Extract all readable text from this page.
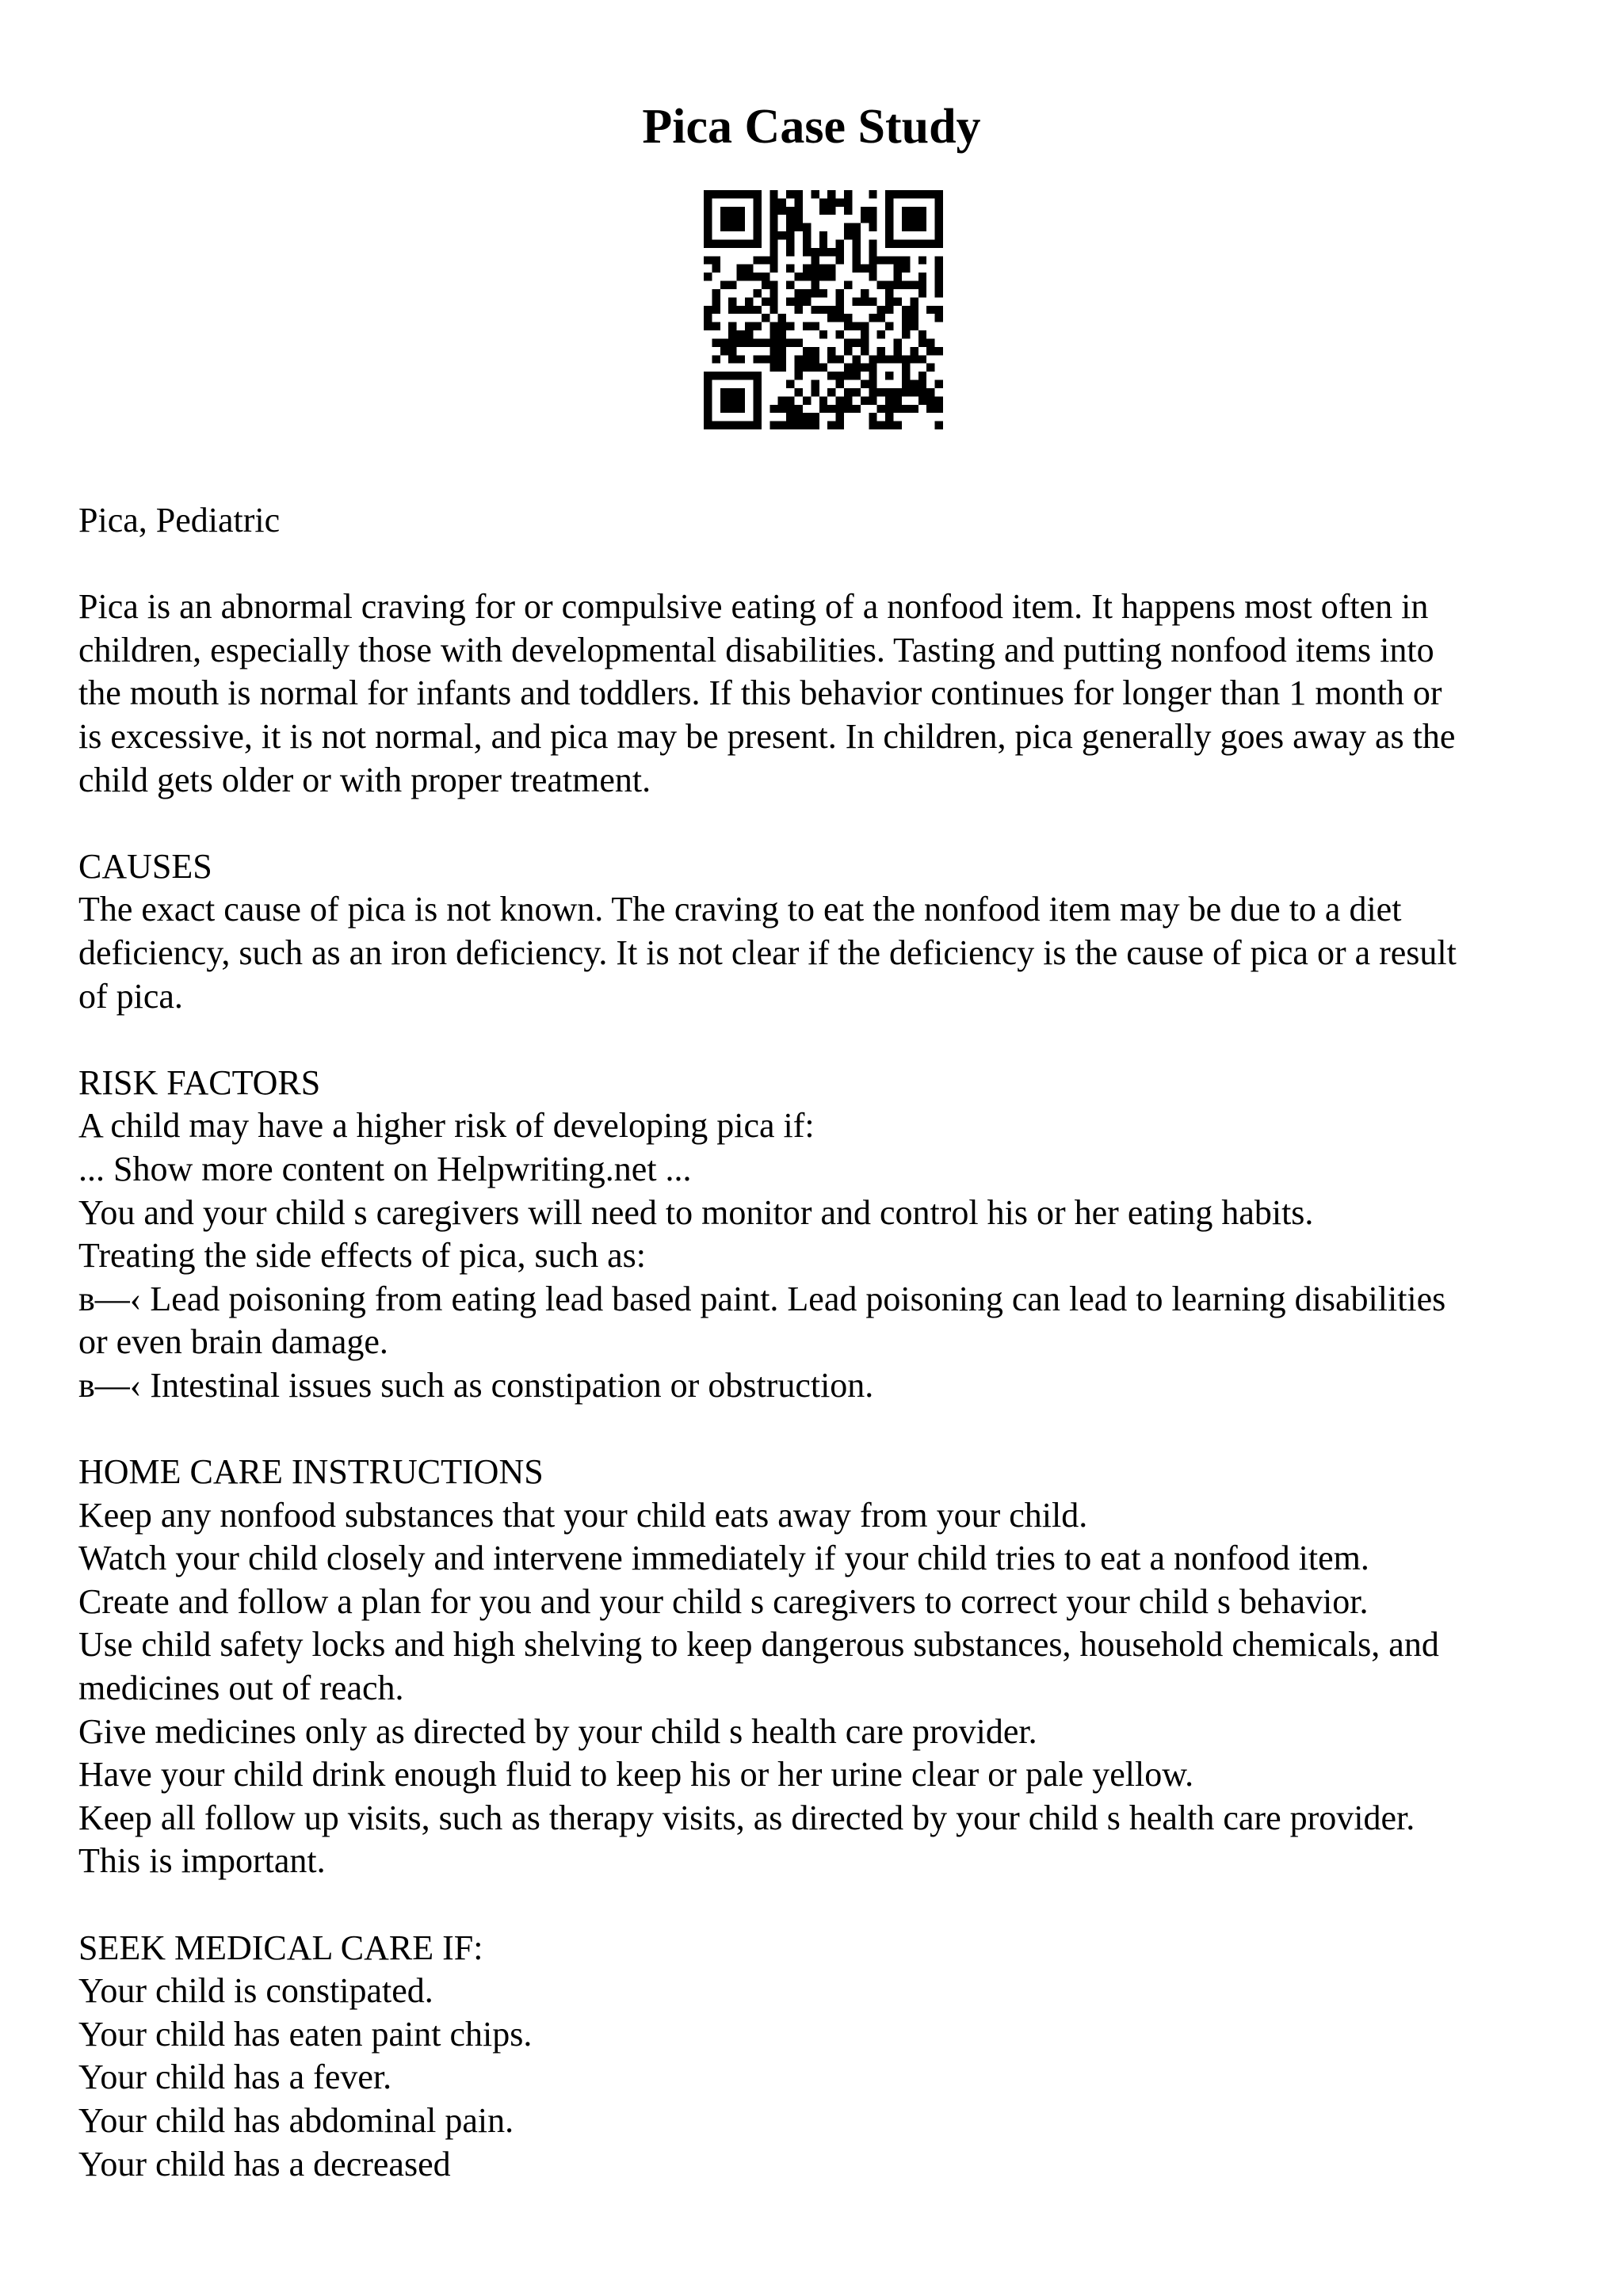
Pica Case Study
Pica, Pediatric
Pica is an abnormal craving for or compulsive eating of a nonfood item. It happens most often in
children, especially those with developmental disabilities. Tasting and putting nonfood items into
the mouth is normal for infants and toddlers. If this behavior continues for longer than 1 month or
is excessive, it is not normal, and pica may be present. In children, pica generally goes away as the
child gets older or with proper treatment.
CAUSES
The exact cause of pica is not known. The craving to eat the nonfood item may be due to a diet
deficiency, such as an iron deficiency. It is not clear if the deficiency is the cause of pica or a result
of pica.
RISK FACTORS
A child may have a higher risk of developing pica if:
... Show more content on Helpwriting.net ...
You and your child s caregivers will need to monitor and control his or her eating habits.
Treating the side effects of pica, such as:
в—‹ Lead poisoning from eating lead based paint. Lead poisoning can lead to learning disabilities
or even brain damage.
в—‹ Intestinal issues such as constipation or obstruction.
HOME CARE INSTRUCTIONS
Keep any nonfood substances that your child eats away from your child.
Watch your child closely and intervene immediately if your child tries to eat a nonfood item.
Create and follow a plan for you and your child s caregivers to correct your child s behavior.
Use child safety locks and high shelving to keep dangerous substances, household chemicals, and
medicines out of reach.
Give medicines only as directed by your child s health care provider.
Have your child drink enough fluid to keep his or her urine clear or pale yellow.
Keep all follow up visits, such as therapy visits, as directed by your child s health care provider.
This is important.
SEEK MEDICAL CARE IF:
Your child is constipated.
Your child has eaten paint chips.
Your child has a fever.
Your child has abdominal pain.
Your child has a decreased
